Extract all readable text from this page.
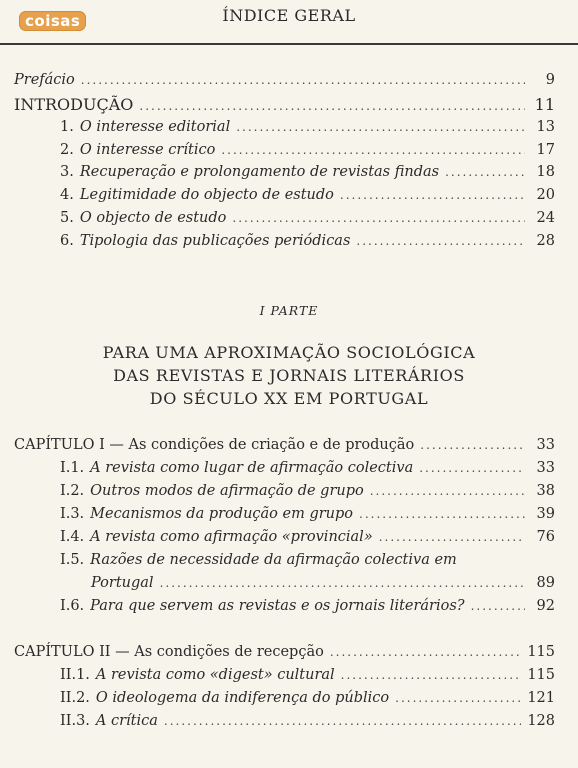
coisas	ÍNDICE GERAL
Prefácio .....	9
INTRODUÇÃO .....	11
1. O interesse editorial .....	13
2. O interesse crítico .....	17
3. Recuperação e prolongamento de revistas findas .....	18
4. Legitimidade do objecto de estudo .....	20
5. O objecto de estudo .....	24
6. Tipologia das publicações periódicas .....	28
I PARTE
PARA UMA APROXIMAÇÃO SOCIOLÓGICA
DAS REVISTAS E JORNAIS LITERÁRIOS
DO SÉCULO XX EM PORTUGAL
CAPÍTULO I — As condições de criação e de produção .....	33
I.1. A revista como lugar de afirmação colectiva .....	33
I.2. Outros modos de afirmação de grupo .....	38
I.3. Mecanismos da produção em grupo .....	39
I.4. A revista como afirmação «provincial» .....	76
I.5. Razões de necessidade da afirmação colectiva em
Portugal .....	89
I.6. Para que servem as revistas e os jornais literários? .....	92
CAPÍTULO II — As condições de recepção .....	115
II.1. A revista como «digest» cultural .....	115
II.2. O ideologema da indiferença do público .....	121
II.3. A crítica .....	128
